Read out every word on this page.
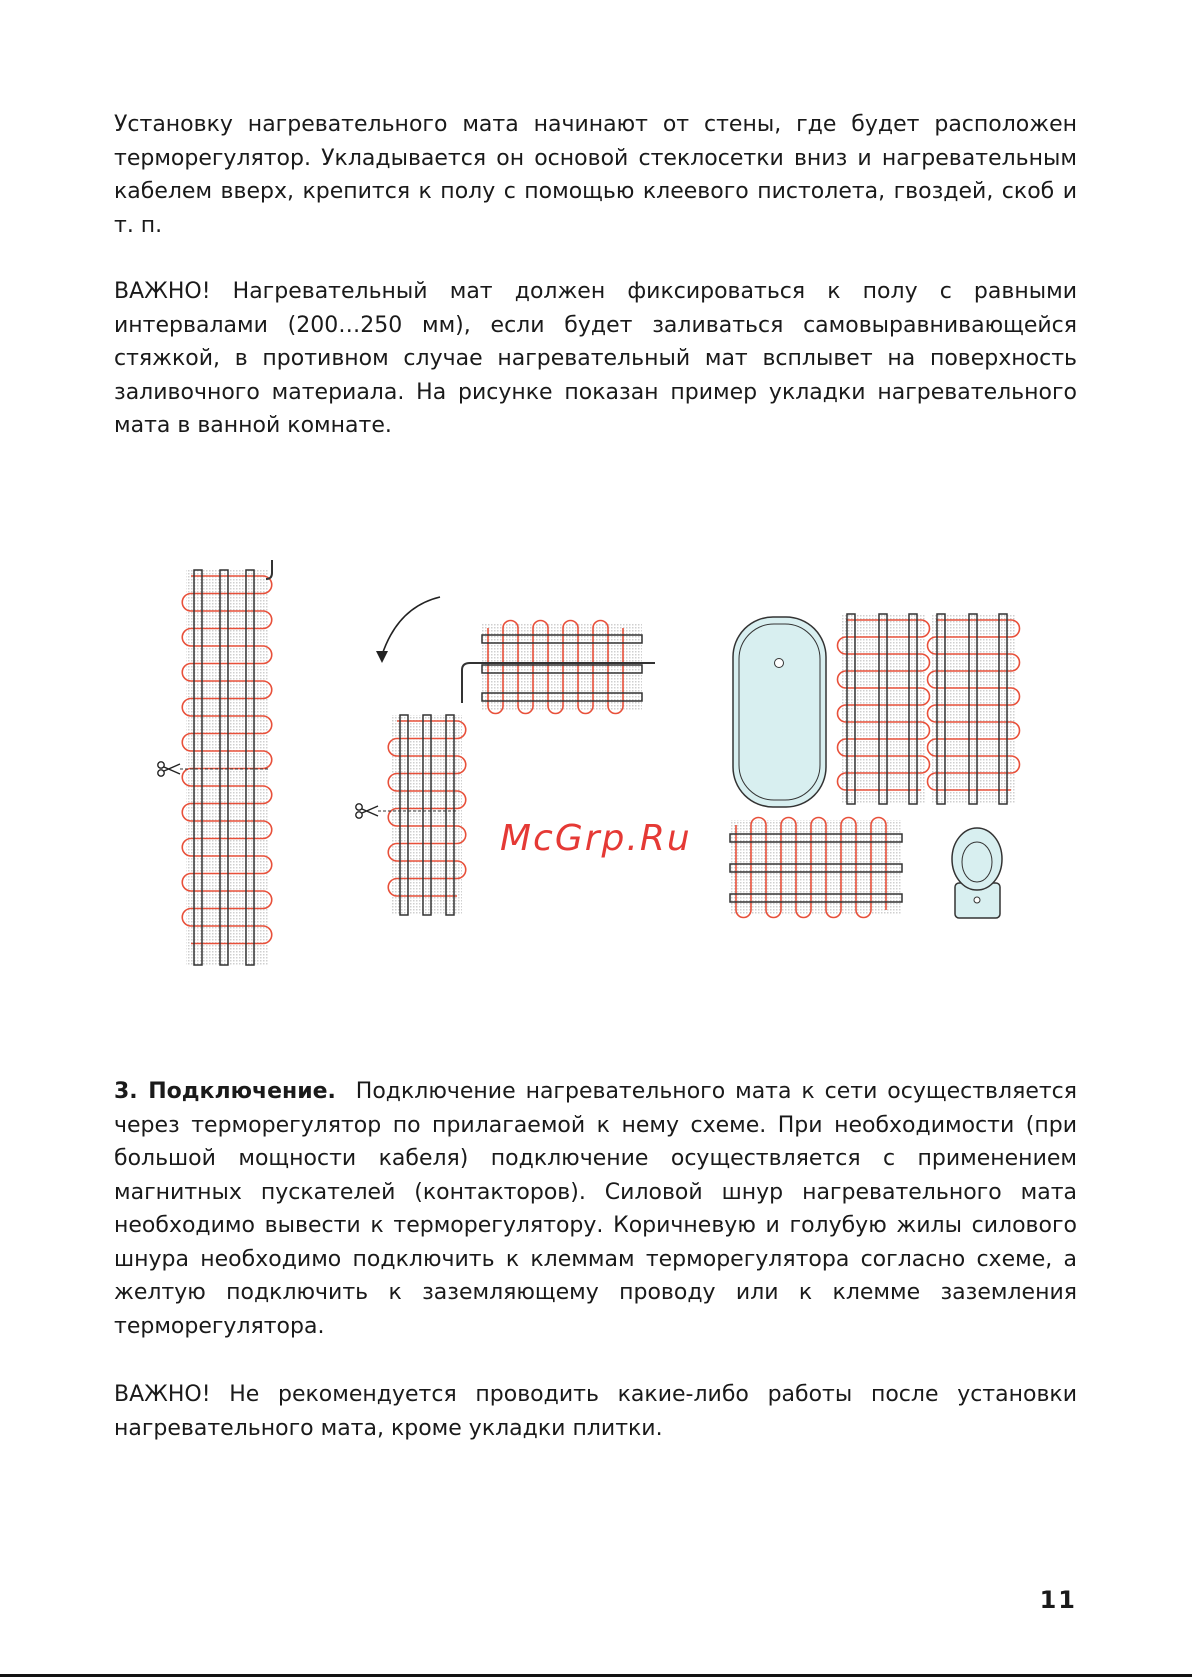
Установку нагревательного мата начинают от стены, где будет расположен терморегулятор. Укладывается он основой стеклосетки вниз и нагревательным кабелем вверх, крепится к полу с помощью клеевого пистолета, гвоздей, скоб и т. п.

ВАЖНО! Нагревательный мат должен фиксироваться к полу с равными интервалами (200…250 мм), если будет заливаться самовыравнивающейся стяжкой, в противном случае нагревательный мат всплывет на поверхность заливочного материала. На рисунке показан пример укладки нагревательного мата в ванной комнате.

McGrp.Ru

3. Подключение. Подключение нагревательного мата к сети осуществляется через терморегулятор по прилагаемой к нему схеме. При необходимости (при большой мощности кабеля) подключение осуществляется с применением магнитных пускателей (контакторов). Силовой шнур нагревательного мата необходимо вывести к терморегулятору. Коричневую и голубую жилы силового шнура необходимо подключить к клеммам терморегулятора согласно схеме, а желтую подключить к заземляющему проводу или к клемме заземления терморегулятора.

ВАЖНО! Не рекомендуется проводить какие-либо работы после установки нагревательного мата, кроме укладки плитки.

11
